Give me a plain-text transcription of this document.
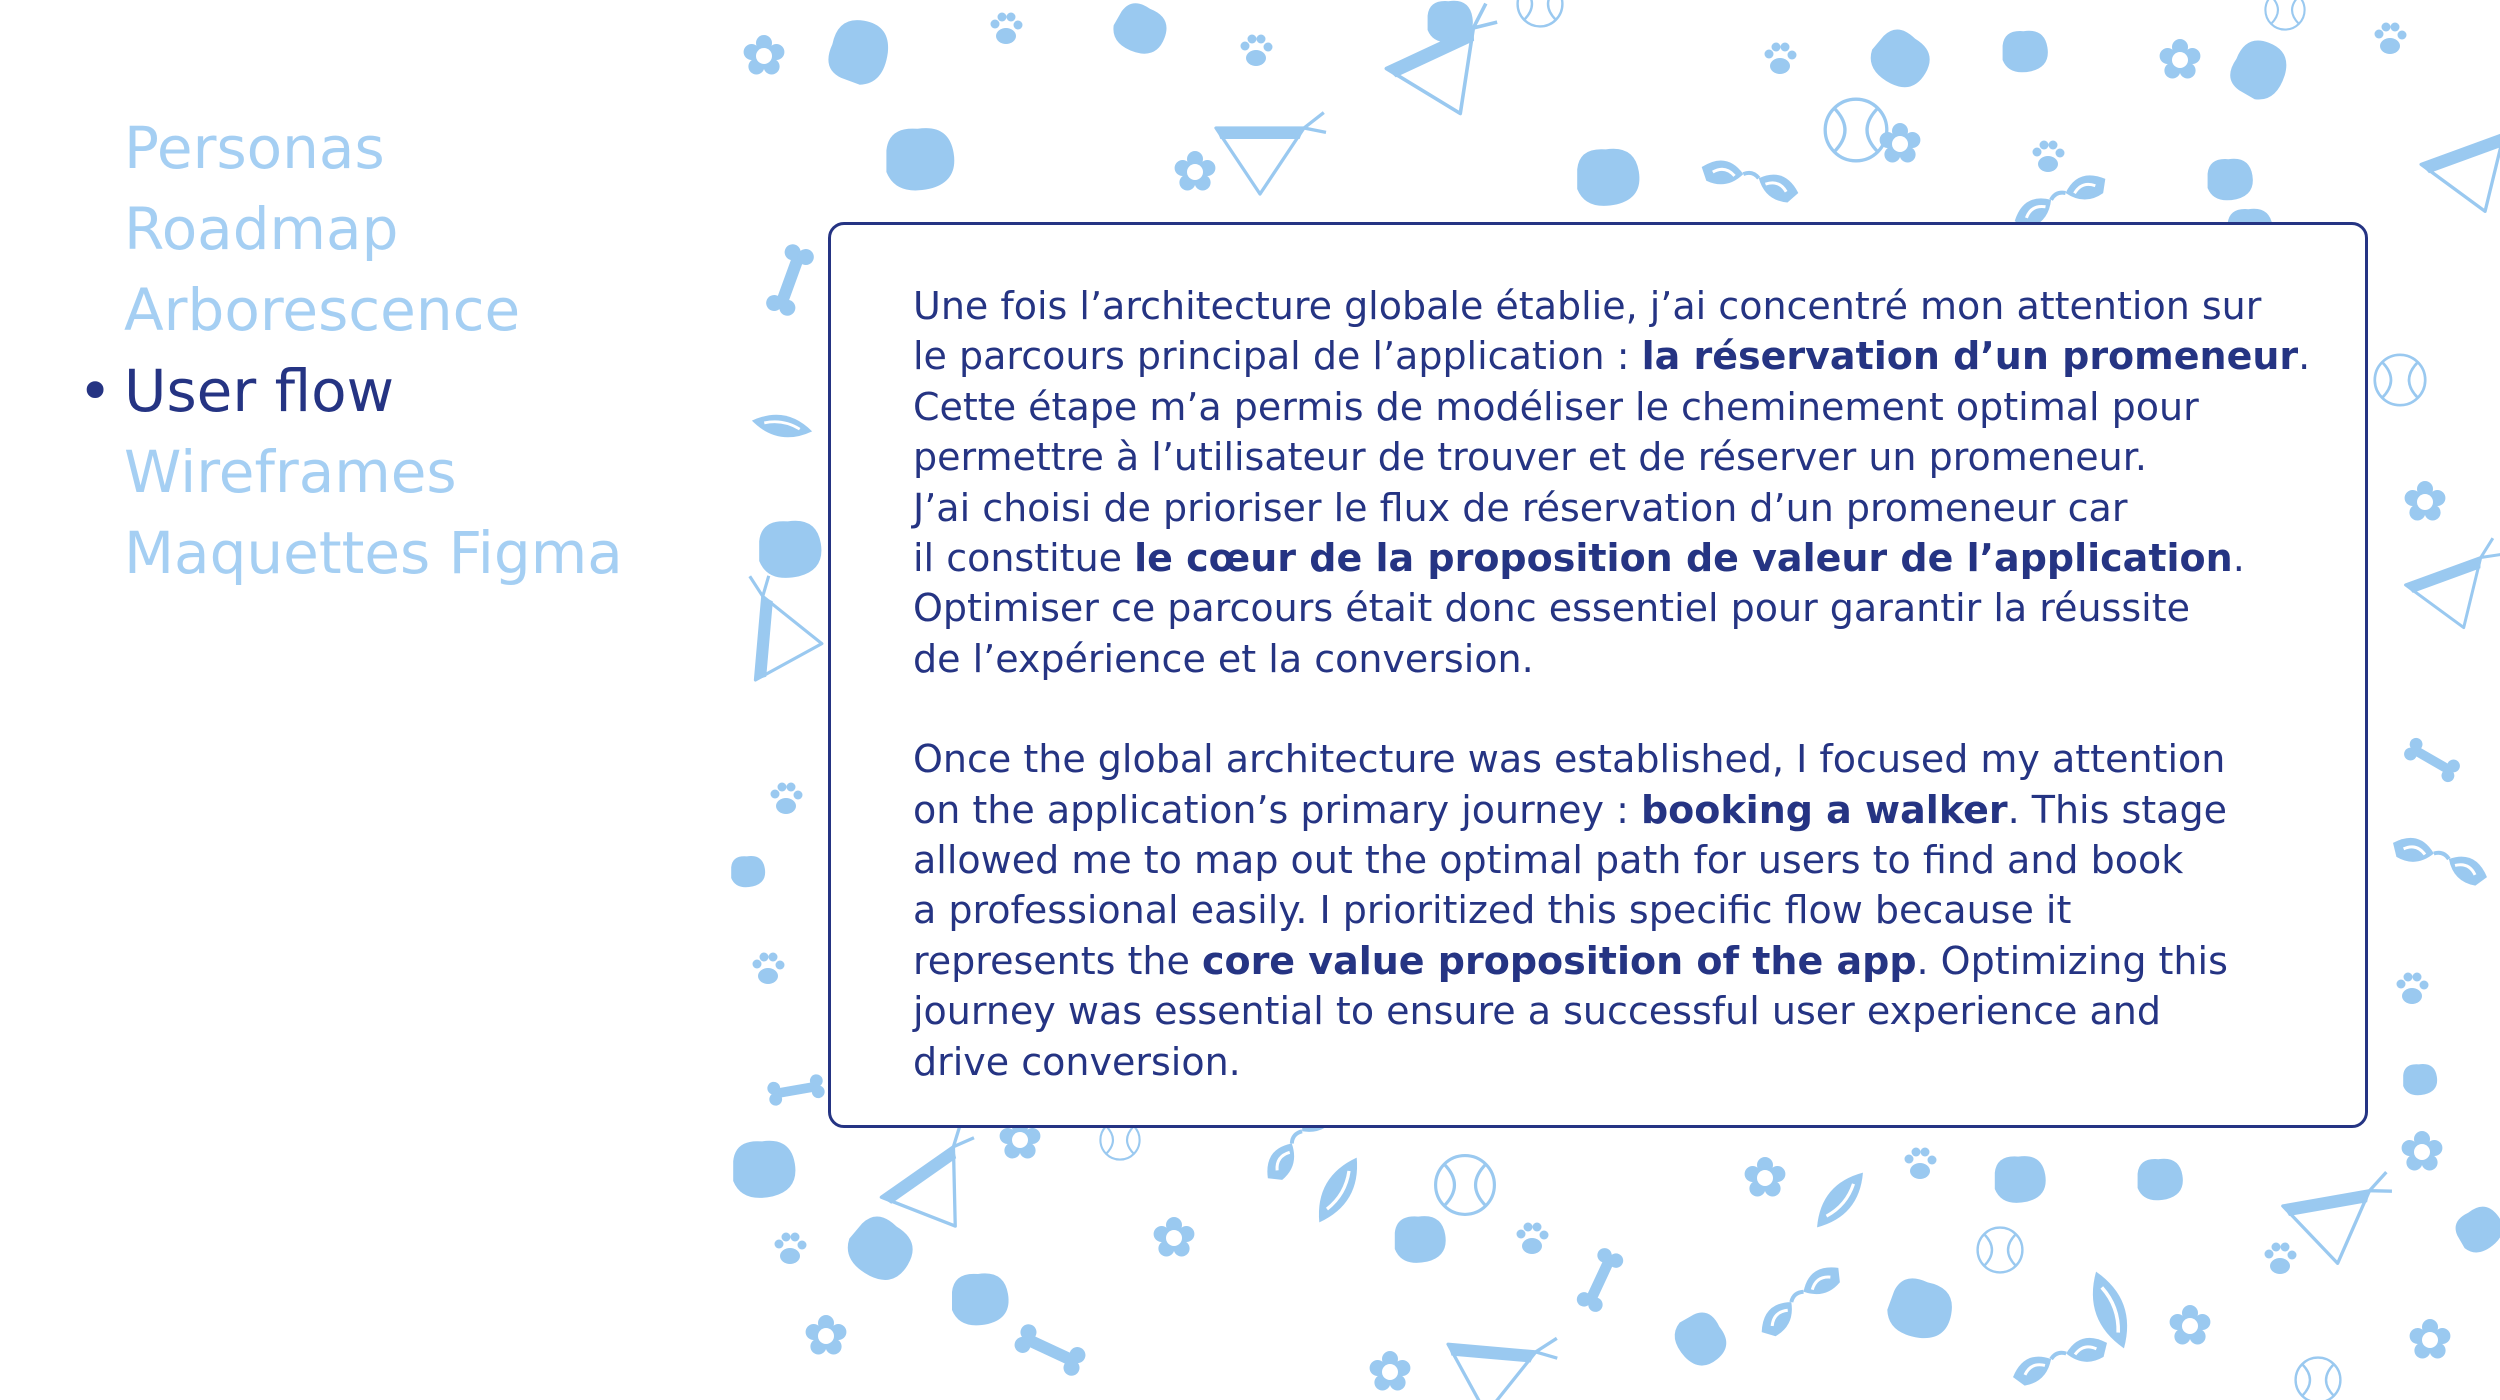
Personas
Roadmap
Arborescence
• User flow
Wireframes
Maquettes Figma

Une fois l’architecture globale établie, j’ai concentré mon attention sur
le parcours principal de l’application : la réservation d’un promeneur.
Cette étape m’a permis de modéliser le cheminement optimal pour
permettre à l’utilisateur de trouver et de réserver un promeneur.
J’ai choisi de prioriser le flux de réservation d’un promeneur car
il constitue le cœur de la proposition de valeur de l’application.
Optimiser ce parcours était donc essentiel pour garantir la réussite
de l’expérience et la conversion.

Once the global architecture was established, I focused my attention
on the application’s primary journey : booking a walker. This stage
allowed me to map out the optimal path for users to find and book
a professional easily. I prioritized this specific flow because it
represents the core value proposition of the app. Optimizing this
journey was essential to ensure a successful user experience and
drive conversion.
